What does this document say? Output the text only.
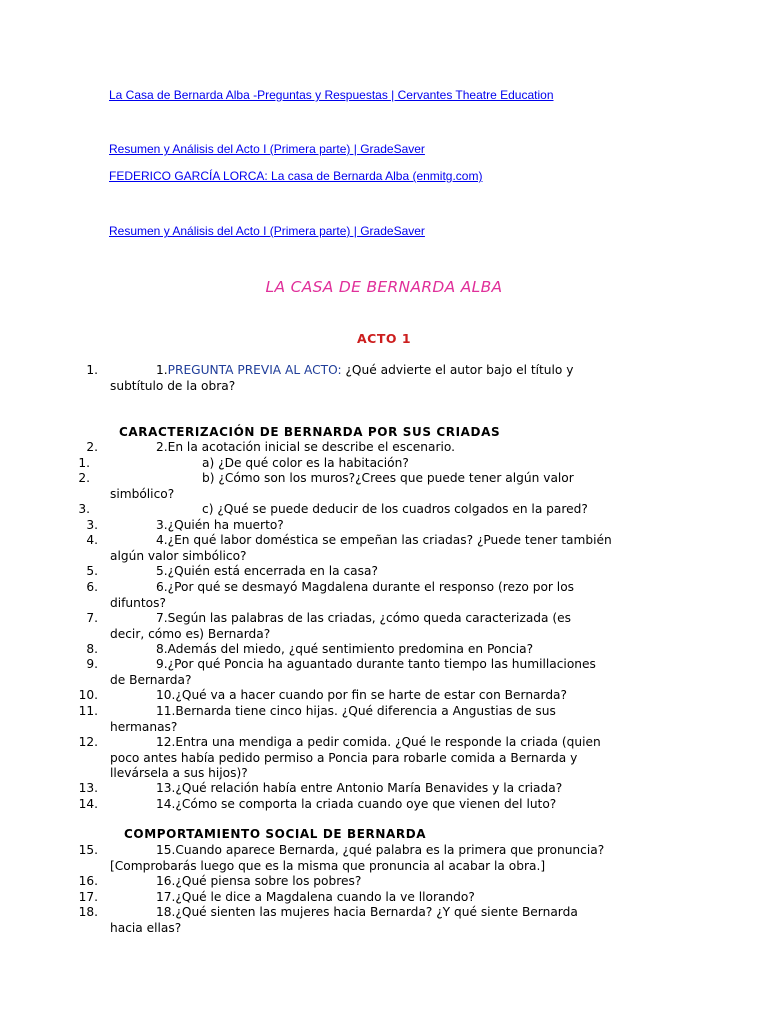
La Casa de Bernarda Alba -Preguntas y Respuestas | Cervantes Theatre Education
Resumen y Análisis del Acto I (Primera parte) | GradeSaver
FEDERICO GARCÍA LORCA: La casa de Bernarda Alba (enmitg.com)
Resumen y Análisis del Acto I (Primera parte) | GradeSaver
LA CASA DE BERNARDA ALBA
ACTO 1
1.	1.PREGUNTA PREVIA AL ACTO: ¿Qué advierte el autor bajo el título y
subtítulo de la obra?
CARACTERIZACIÓN DE BERNARDA POR SUS CRIADAS
2.	2.En la acotación inicial se describe el escenario.
1.	a) ¿De qué color es la habitación?
2.	b) ¿Cómo son los muros?¿Crees que puede tener algún valor
simbólico?
3.	c) ¿Qué se puede deducir de los cuadros colgados en la pared?
3.	3.¿Quién ha muerto?
4.	4.¿En qué labor doméstica se empeñan las criadas? ¿Puede tener también
algún valor simbólico?
5.	5.¿Quién está encerrada en la casa?
6.	6.¿Por qué se desmayó Magdalena durante el responso (rezo por los
difuntos?
7.	7.Según las palabras de las criadas, ¿cómo queda caracterizada (es
decir, cómo es) Bernarda?
8.	8.Además del miedo, ¿qué sentimiento predomina en Poncia?
9.	9.¿Por qué Poncia ha aguantado durante tanto tiempo las humillaciones
de Bernarda?
10.	10.¿Qué va a hacer cuando por fin se harte de estar con Bernarda?
11.	11.Bernarda tiene cinco hijas. ¿Qué diferencia a Angustias de sus
hermanas?
12.	12.Entra una mendiga a pedir comida. ¿Qué le responde la criada (quien
poco antes había pedido permiso a Poncia para robarle comida a Bernarda y
llevársela a sus hijos)?
13.	13.¿Qué relación había entre Antonio María Benavides y la criada?
14.	14.¿Cómo se comporta la criada cuando oye que vienen del luto?
COMPORTAMIENTO SOCIAL DE BERNARDA
15.	15.Cuando aparece Bernarda, ¿qué palabra es la primera que pronuncia?
[Comprobarás luego que es la misma que pronuncia al acabar la obra.]
16.	16.¿Qué piensa sobre los pobres?
17.	17.¿Qué le dice a Magdalena cuando la ve llorando?
18.	18.¿Qué sienten las mujeres hacia Bernarda? ¿Y qué siente Bernarda
hacia ellas?
